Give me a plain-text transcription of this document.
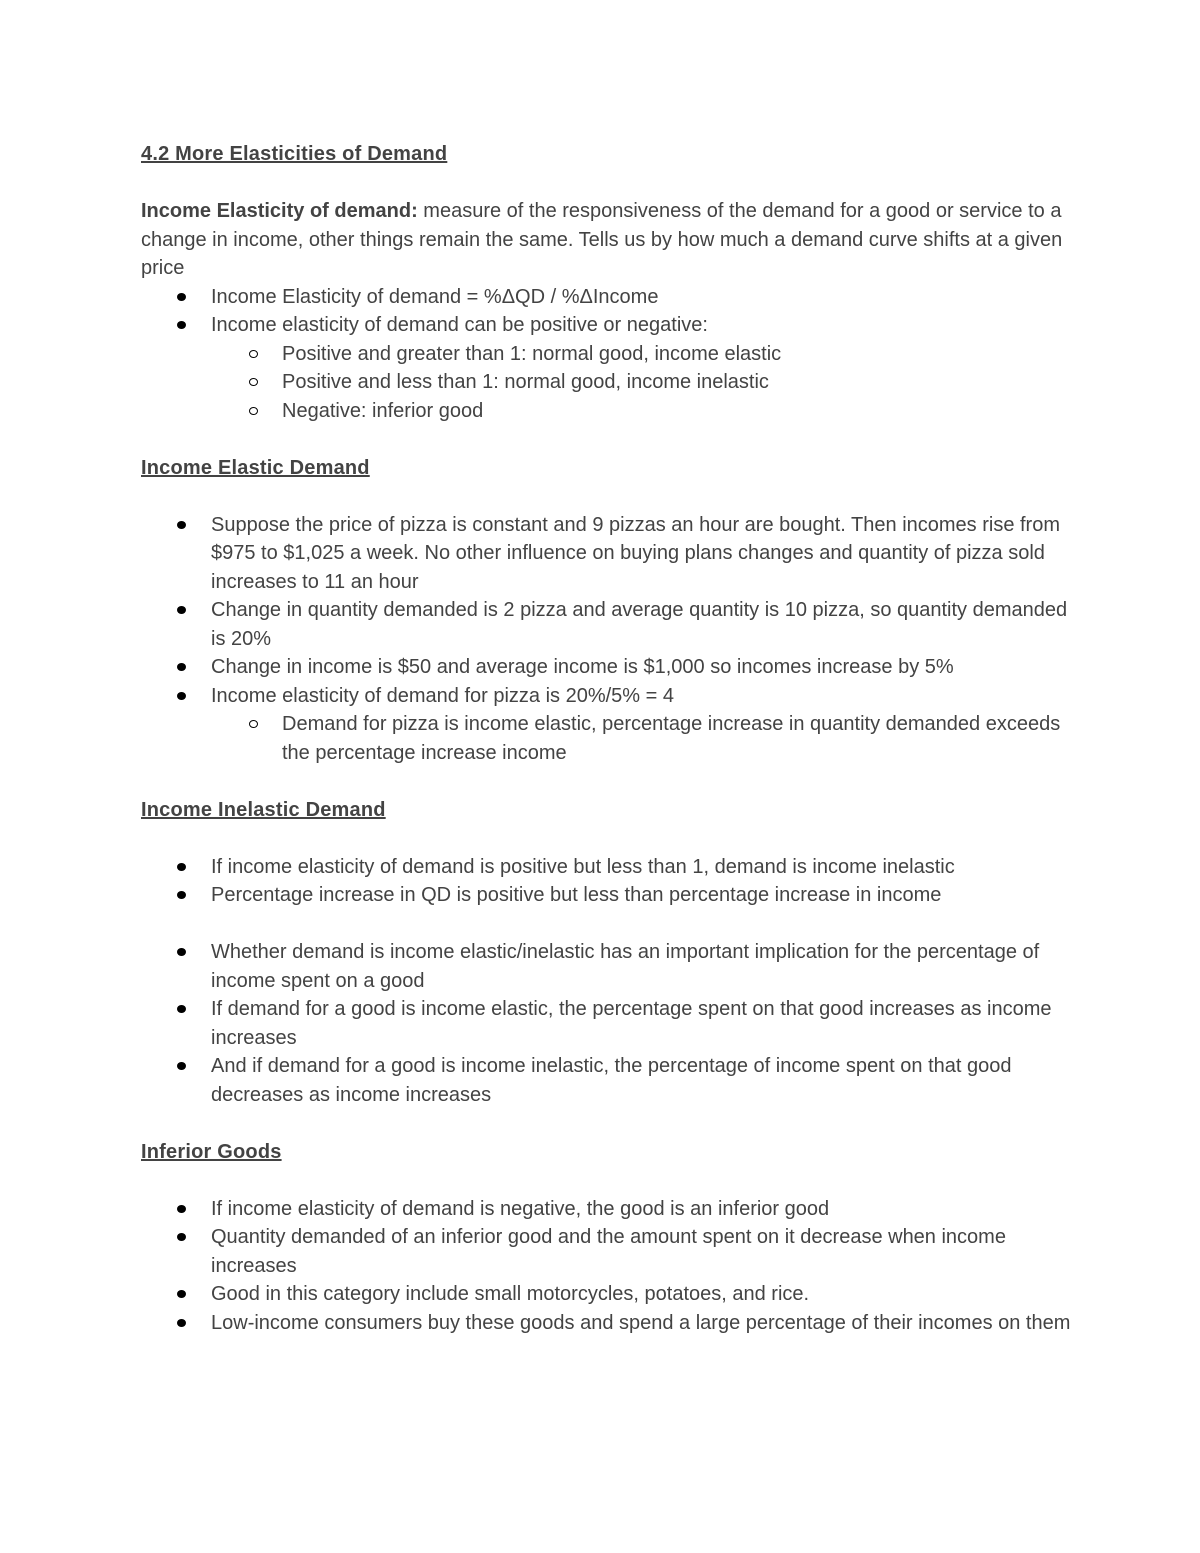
4.2 More Elasticities of Demand

Income Elasticity of demand: measure of the responsiveness of the demand for a good or service to a change in income, other things remain the same. Tells us by how much a demand curve shifts at a given price

Income Elasticity of demand = %ΔQD / %ΔIncome
Income elasticity of demand can be positive or negative:
Positive and greater than 1: normal good, income elastic
Positive and less than 1: normal good, income inelastic
Negative: inferior good

Income Elastic Demand

Suppose the price of pizza is constant and 9 pizzas an hour are bought. Then incomes rise from $975 to $1,025 a week. No other influence on buying plans changes and quantity of pizza sold increases to 11 an hour
Change in quantity demanded is 2 pizza and average quantity is 10 pizza, so quantity demanded is 20%
Change in income is $50 and average income is $1,000 so incomes increase by 5%
Income elasticity of demand for pizza is 20%/5% = 4
Demand for pizza is income elastic, percentage increase in quantity demanded exceeds the percentage increase income

Income Inelastic Demand

If income elasticity of demand is positive but less than 1, demand is income inelastic
Percentage increase in QD is positive but less than percentage increase in income
Whether demand is income elastic/inelastic has an important implication for the percentage of income spent on a good
If demand for a good is income elastic, the percentage spent on that good increases as income increases
And if demand for a good is income inelastic, the percentage of income spent on that good decreases as income increases

Inferior Goods

If income elasticity of demand is negative, the good is an inferior good
Quantity demanded of an inferior good and the amount spent on it decrease when income increases
Good in this category include small motorcycles, potatoes, and rice.
Low-income consumers buy these goods and spend a large percentage of their incomes on them
